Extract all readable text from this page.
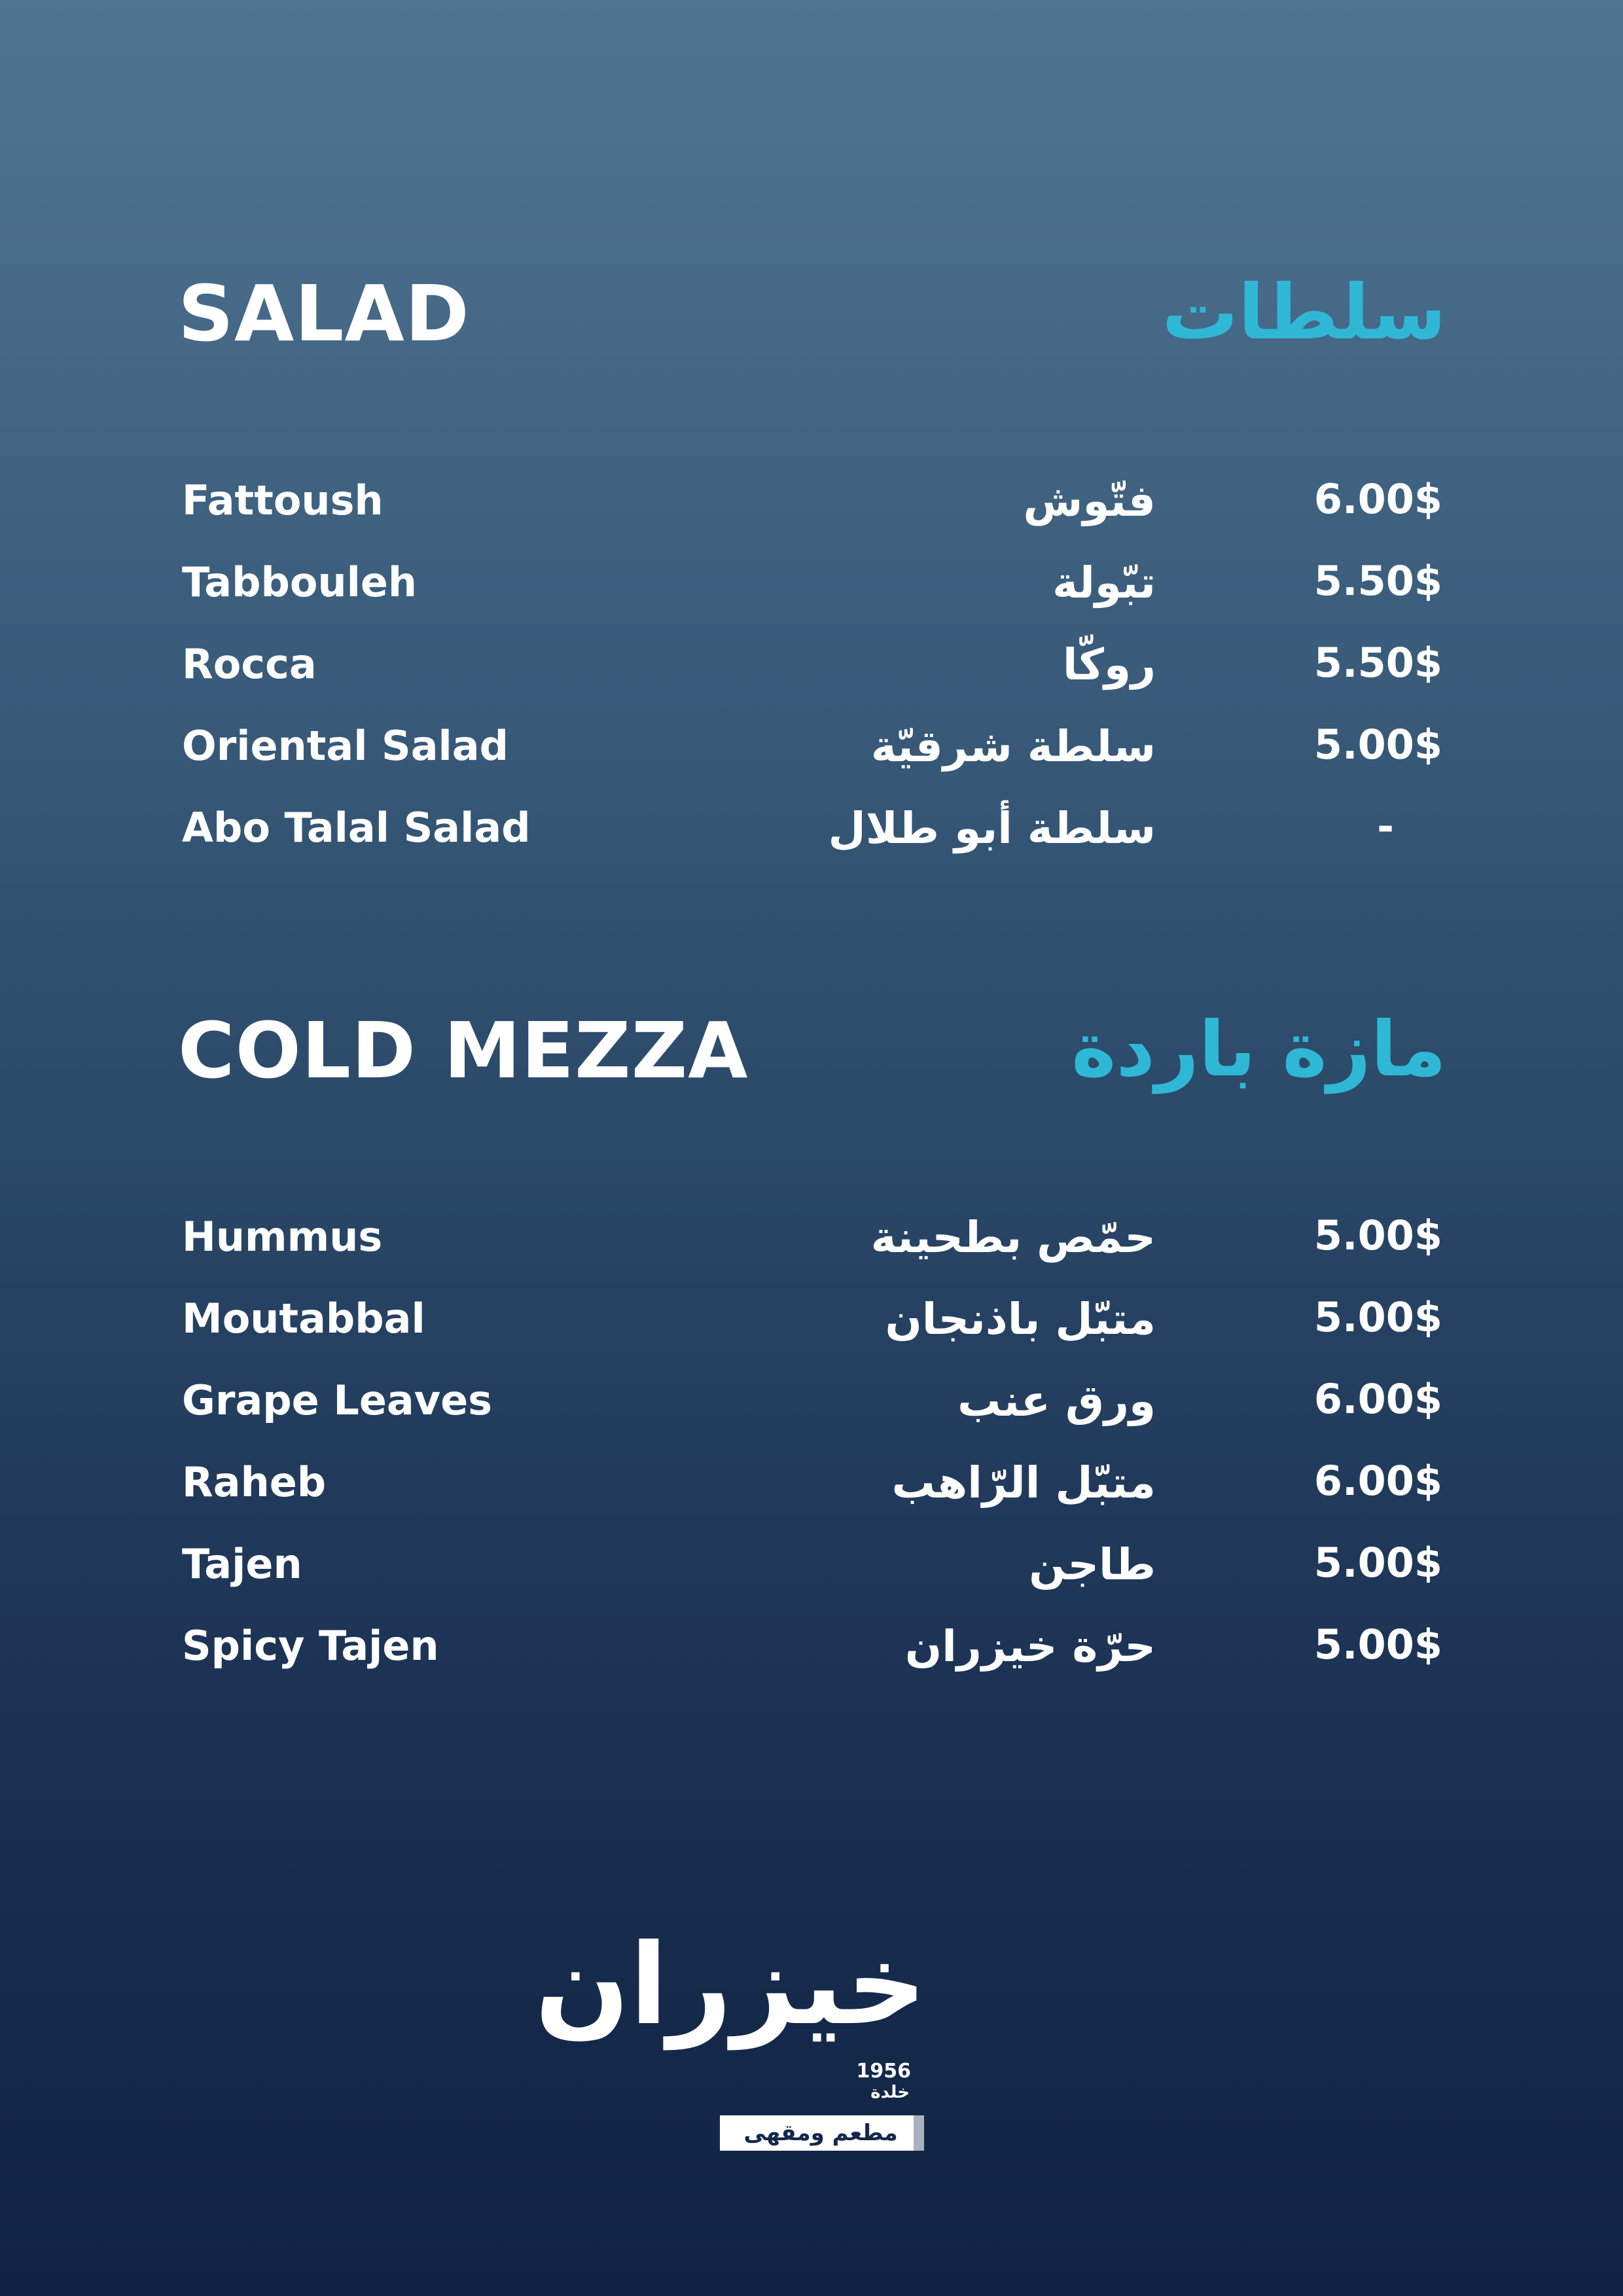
SALAD	سلطات
Fattoush	فتّوش	6.00$
Tabbouleh	تبّولة	5.50$
Rocca	روكّا	5.50$
Oriental Salad	سلطة شرقيّة	5.00$
Abo Talal Salad	سلطة أبو طلال	-
COLD MEZZA	مازة باردة
Hummus	حمّص بطحينة	5.00$
Moutabbal	متبّل باذنجان	5.00$
Grape Leaves	ورق عنب	6.00$
Raheb	متبّل الرّاهب	6.00$
Tajen	طاجن	5.00$
Spicy Tajen	حرّة خيزران	5.00$
خيزران
1956
خلدة
مطعم ومقهى
